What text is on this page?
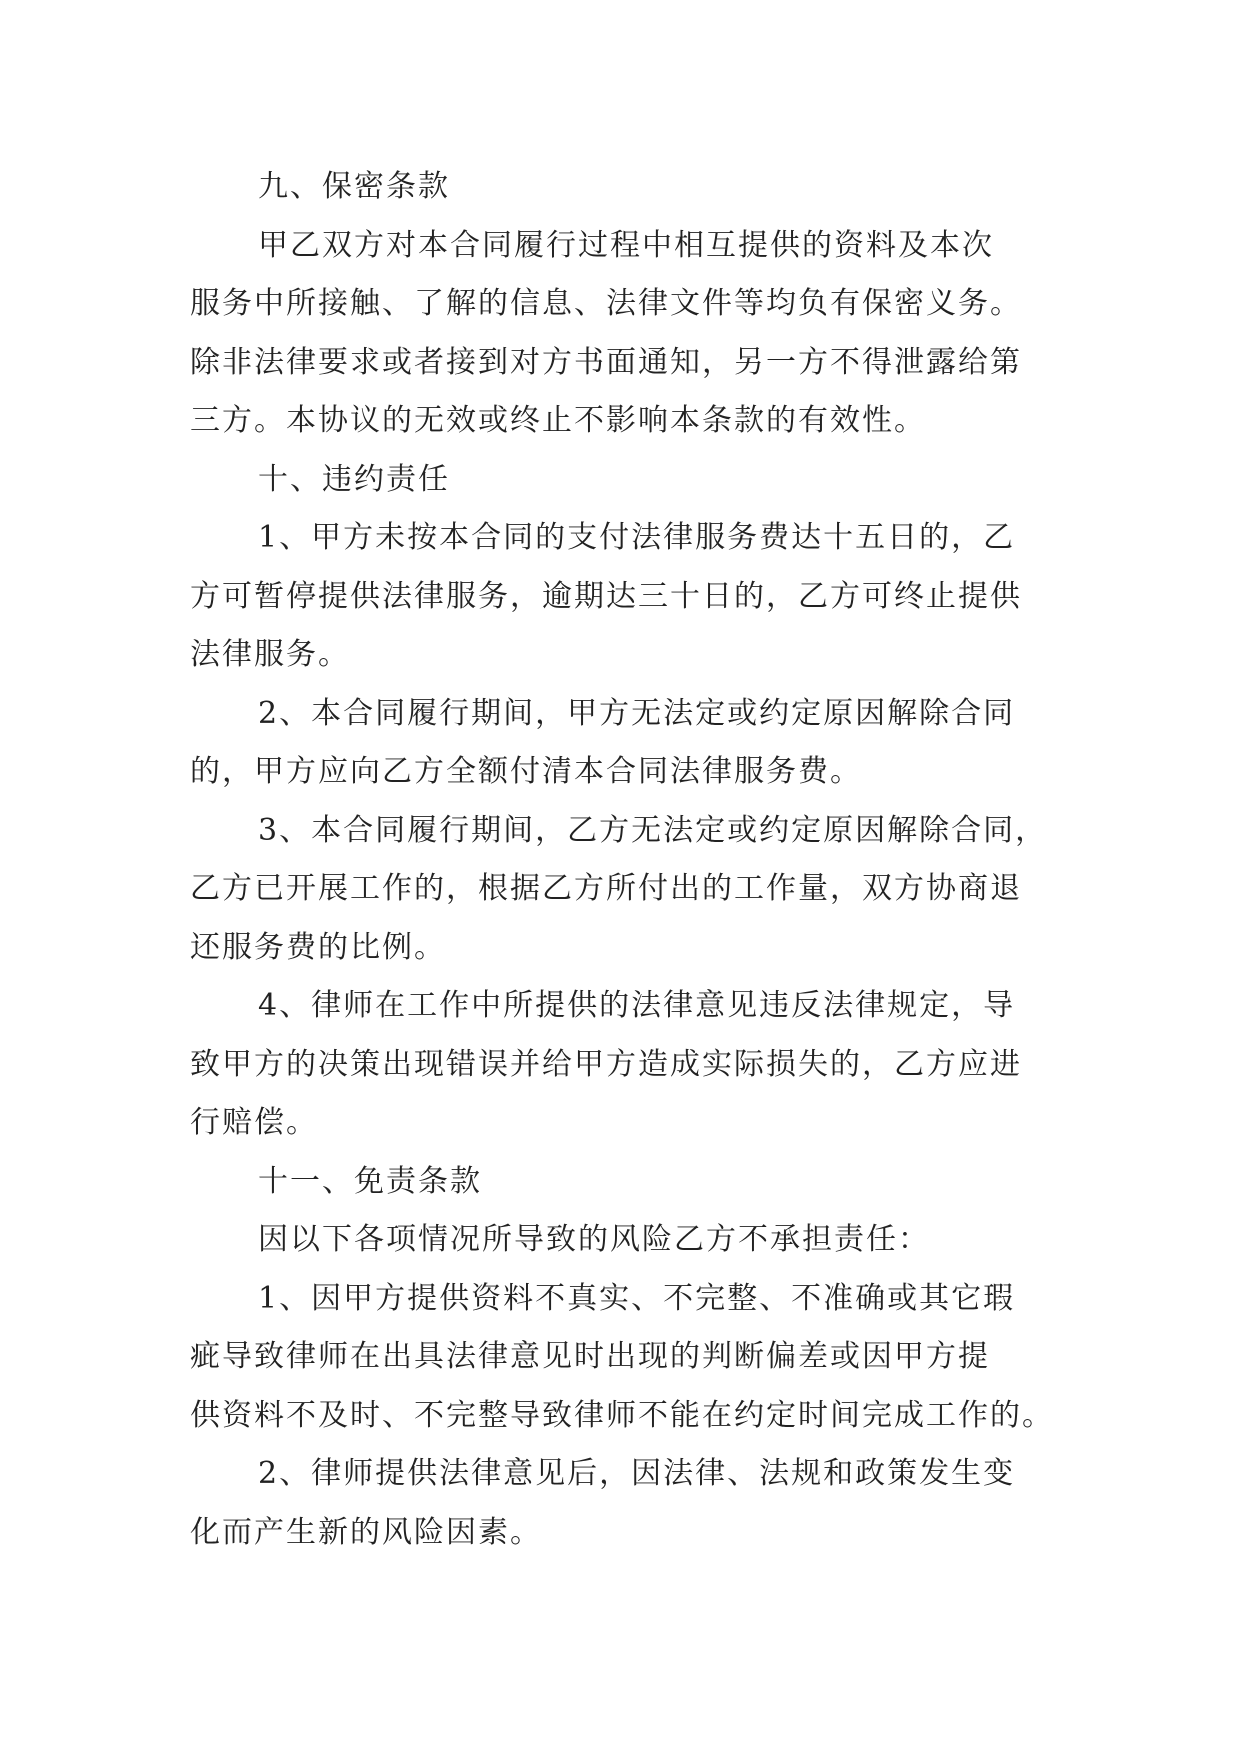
九、保密条款
甲乙双方对本合同履行过程中相互提供的资料及本次
服务中所接触、了解的信息、法律文件等均负有保密义务。
除非法律要求或者接到对方书面通知，另一方不得泄露给第
三方。本协议的无效或终止不影响本条款的有效性。
十、违约责任
1、甲方未按本合同的支付法律服务费达十五日的，乙
方可暂停提供法律服务，逾期达三十日的，乙方可终止提供
法律服务。
2、本合同履行期间，甲方无法定或约定原因解除合同
的，甲方应向乙方全额付清本合同法律服务费。
3、本合同履行期间，乙方无法定或约定原因解除合同，
乙方已开展工作的，根据乙方所付出的工作量，双方协商退
还服务费的比例。
4、律师在工作中所提供的法律意见违反法律规定，导
致甲方的决策出现错误并给甲方造成实际损失的，乙方应进
行赔偿。
十一、免责条款
因以下各项情况所导致的风险乙方不承担责任：
1、因甲方提供资料不真实、不完整、不准确或其它瑕
疵导致律师在出具法律意见时出现的判断偏差或因甲方提
供资料不及时、不完整导致律师不能在约定时间完成工作的。
2、律师提供法律意见后，因法律、法规和政策发生变
化而产生新的风险因素。
